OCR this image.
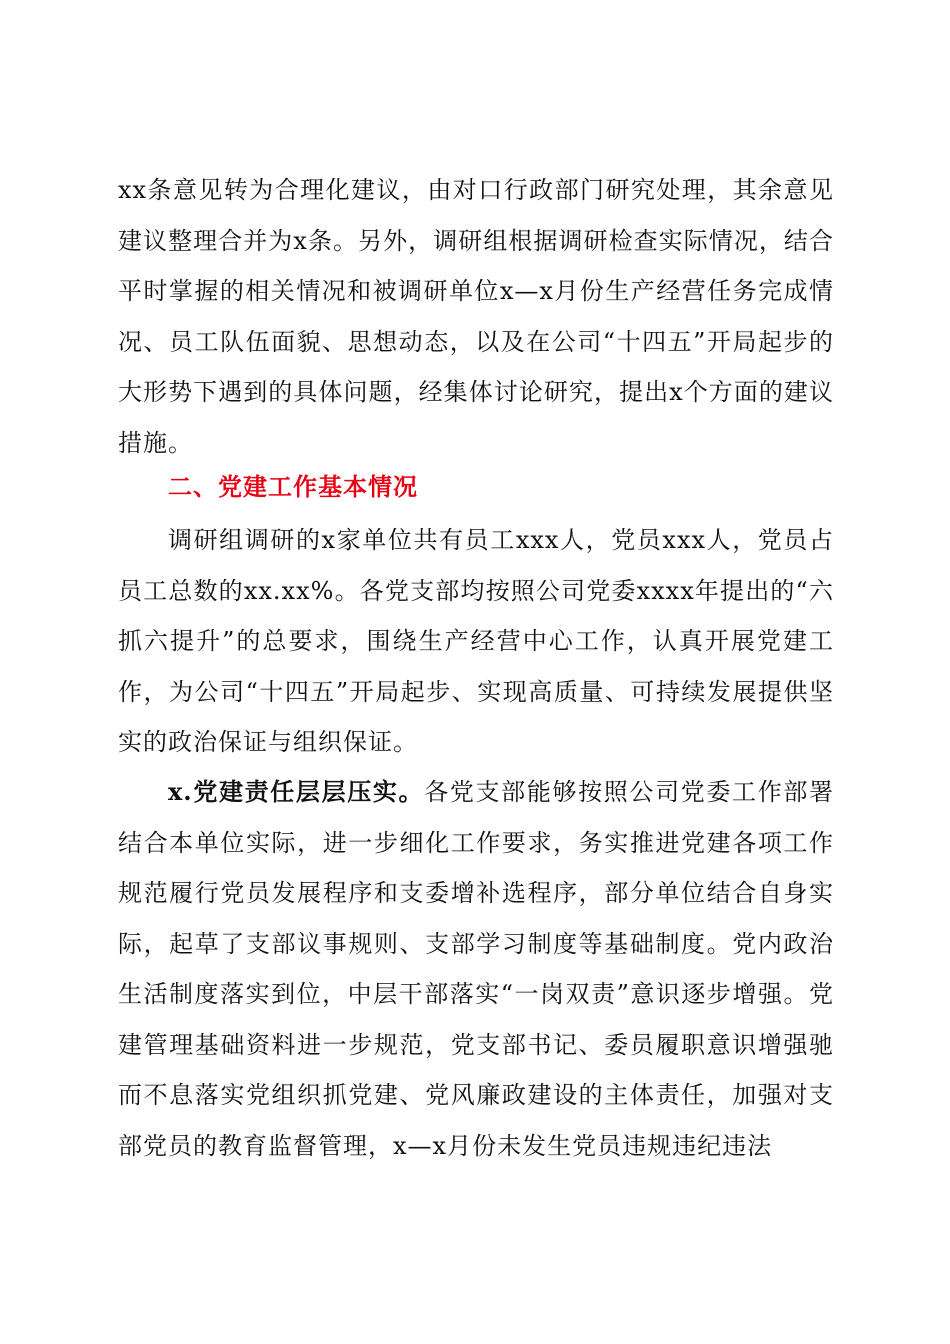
xx条意见转为合理化建议，由对口行政部门研究处理，其余意见建议整理合并为x条。另外，调研组根据调研检查实际情况，结合平时掌握的相关情况和被调研单位x—x月份生产经营任务完成情况、员工队伍面貌、思想动态，以及在公司“十四五”开局起步的大形势下遇到的具体问题，经集体讨论研究，提出x个方面的建议措施。

二、党建工作基本情况

调研组调研的x家单位共有员工xxx人，党员xxx人，党员占员工总数的xx.xx%。各党支部均按照公司党委xxxx年提出的“六抓六提升”的总要求，围绕生产经营中心工作，认真开展党建工作，为公司“十四五”开局起步、实现高质量、可持续发展提供坚实的政治保证与组织保证。

x.党建责任层层压实。各党支部能够按照公司党委工作部署结合本单位实际，进一步细化工作要求，务实推进党建各项工作规范履行党员发展程序和支委增补选程序，部分单位结合自身实际，起草了支部议事规则、支部学习制度等基础制度。党内政治生活制度落实到位，中层干部落实“一岗双责”意识逐步增强。党建管理基础资料进一步规范，党支部书记、委员履职意识增强驰而不息落实党组织抓党建、党风廉政建设的主体责任，加强对支部党员的教育监督管理，x—x月份未发生党员违规违纪违法
